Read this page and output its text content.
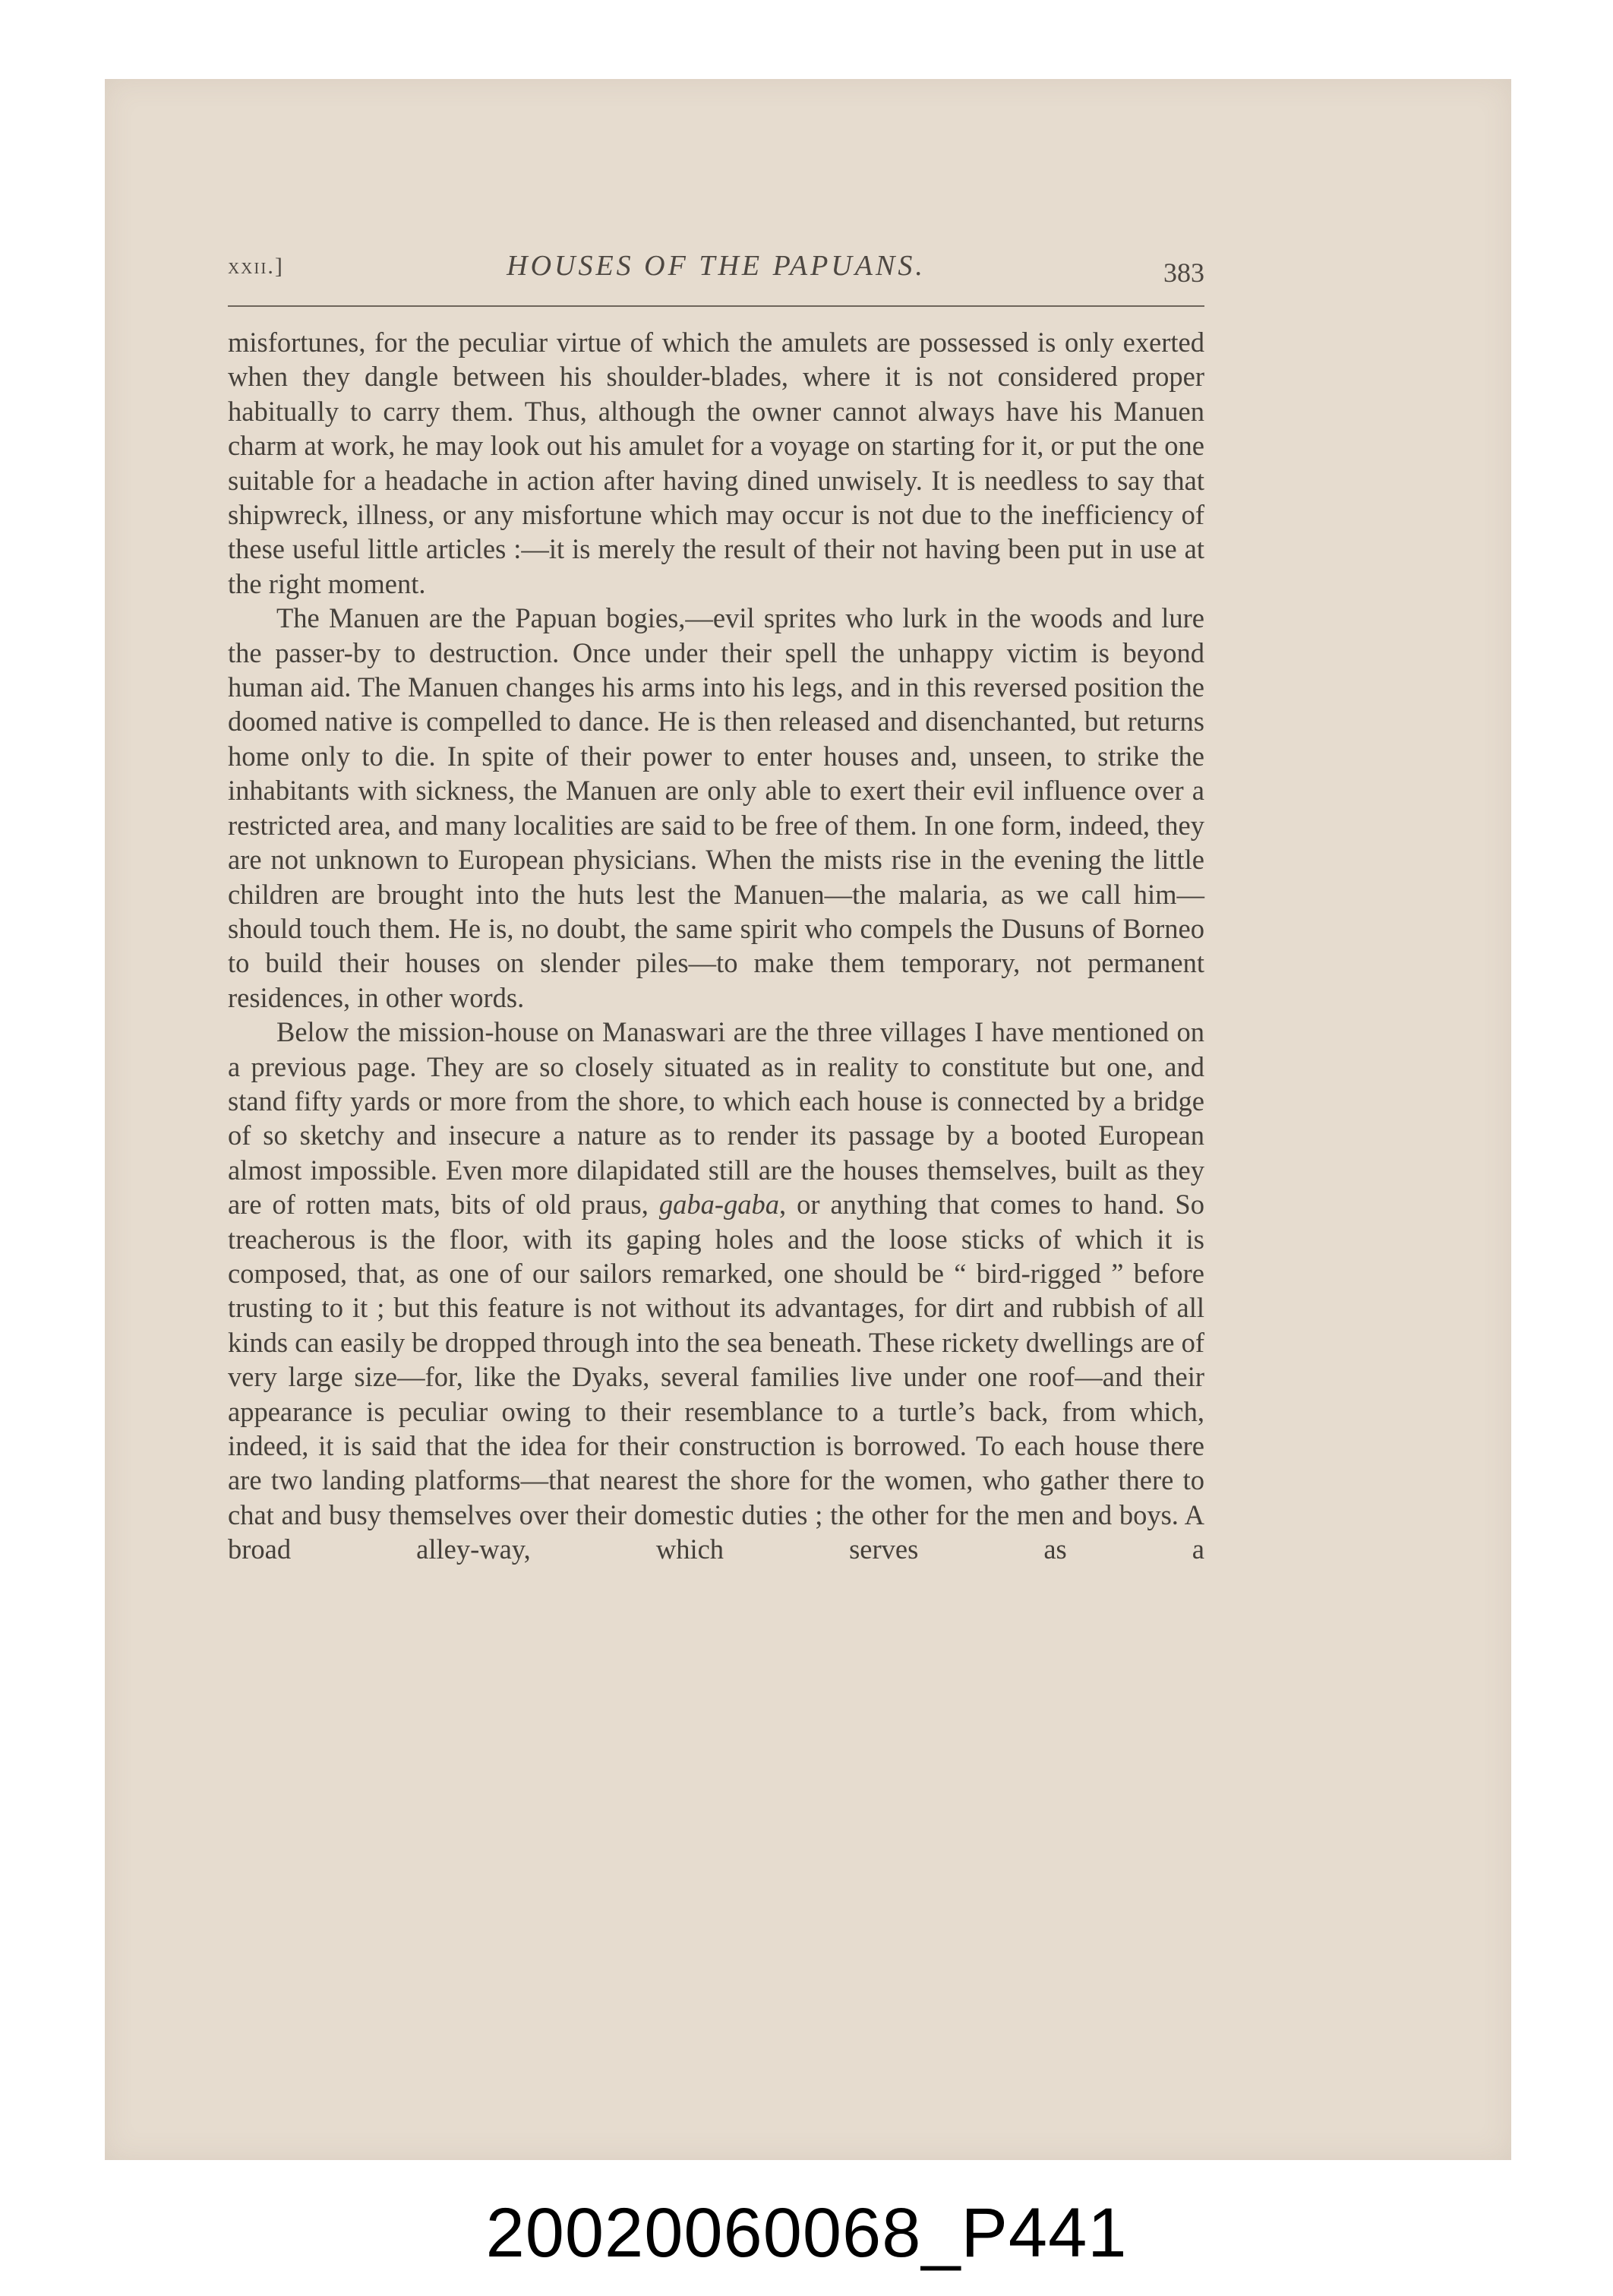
xxii.]	HOUSES OF THE PAPUANS.	383

misfortunes, for the peculiar virtue of which the amulets are possessed is only exerted when they dangle between his shoulder-blades, where it is not considered proper habitually to carry them. Thus, although the owner cannot always have his Manuen charm at work, he may look out his amulet for a voyage on starting for it, or put the one suitable for a headache in action after having dined unwisely. It is needless to say that shipwreck, illness, or any misfortune which may occur is not due to the inefficiency of these useful little articles :—it is merely the result of their not having been put in use at the right moment.

The Manuen are the Papuan bogies,—evil sprites who lurk in the woods and lure the passer-by to destruction. Once under their spell the unhappy victim is beyond human aid. The Manuen changes his arms into his legs, and in this reversed position the doomed native is compelled to dance. He is then released and disenchanted, but returns home only to die. In spite of their power to enter houses and, unseen, to strike the inhabitants with sickness, the Manuen are only able to exert their evil influence over a restricted area, and many localities are said to be free of them. In one form, indeed, they are not unknown to European physicians. When the mists rise in the evening the little children are brought into the huts lest the Manuen—the malaria, as we call him—should touch them. He is, no doubt, the same spirit who compels the Dusuns of Borneo to build their houses on slender piles—to make them temporary, not permanent residences, in other words.

Below the mission-house on Manaswari are the three villages I have mentioned on a previous page. They are so closely situated as in reality to constitute but one, and stand fifty yards or more from the shore, to which each house is connected by a bridge of so sketchy and insecure a nature as to render its passage by a booted European almost impossible. Even more dilapidated still are the houses themselves, built as they are of rotten mats, bits of old praus, gaba-gaba, or anything that comes to hand. So treacherous is the floor, with its gaping holes and the loose sticks of which it is composed, that, as one of our sailors remarked, one should be “ bird-rigged ” before trusting to it ; but this feature is not without its advantages, for dirt and rubbish of all kinds can easily be dropped through into the sea beneath. These rickety dwellings are of very large size—for, like the Dyaks, several families live under one roof—and their appearance is peculiar owing to their resemblance to a turtle’s back, from which, indeed, it is said that the idea for their construction is borrowed. To each house there are two landing platforms—that nearest the shore for the women, who gather there to chat and busy themselves over their domestic duties ; the other for the men and boys. A broad alley-way, which serves as a

20020060068_P441
